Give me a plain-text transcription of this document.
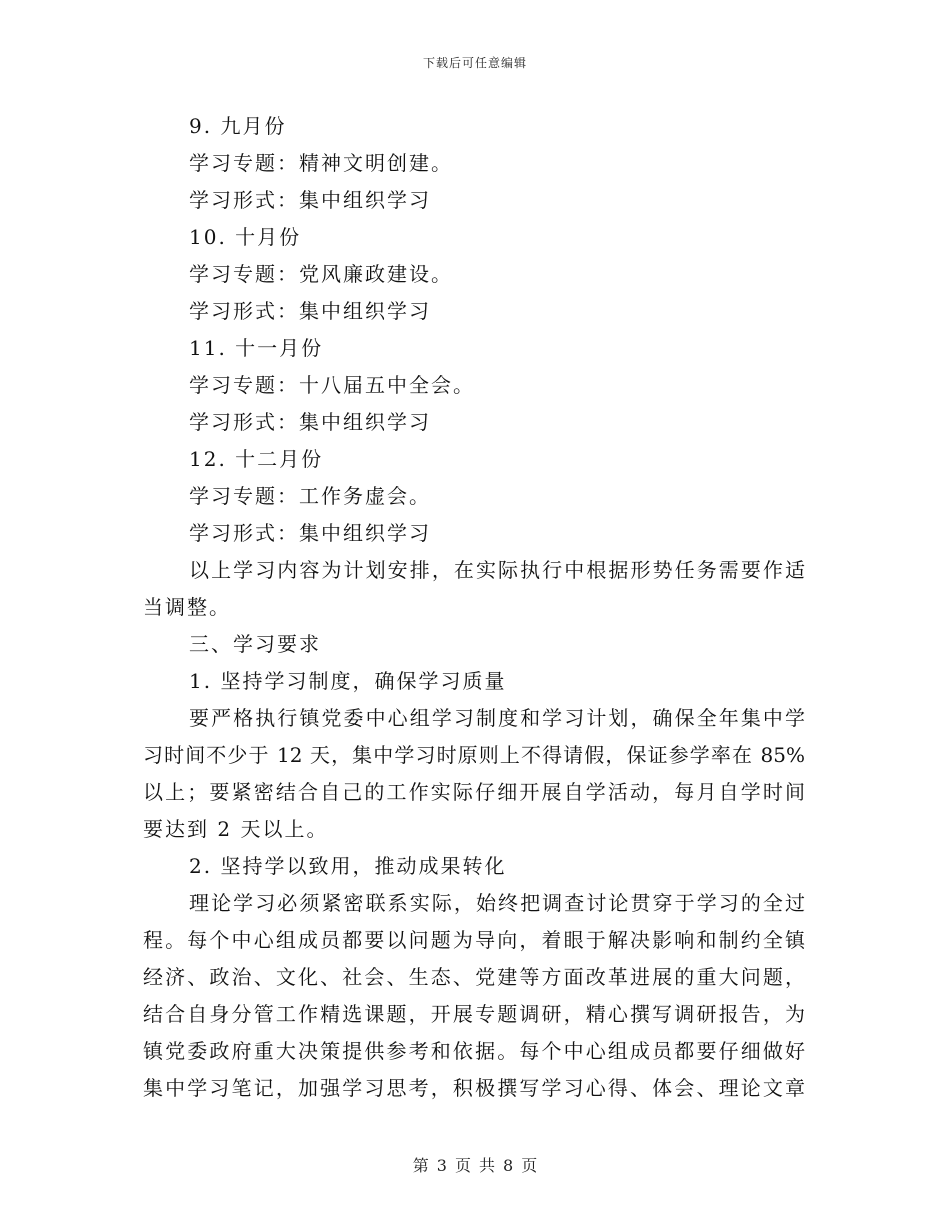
下载后可任意编辑
9. 九月份
学习专题：精神文明创建。
学习形式：集中组织学习
10. 十月份
学习专题：党风廉政建设。
学习形式：集中组织学习
11. 十一月份
学习专题：十八届五中全会。
学习形式：集中组织学习
12. 十二月份
学习专题：工作务虚会。
学习形式：集中组织学习
以上学习内容为计划安排，在实际执行中根据形势任务需要作适
当调整。
三、学习要求
1. 坚持学习制度，确保学习质量
要严格执行镇党委中心组学习制度和学习计划，确保全年集中学
习时间不少于 12 天，集中学习时原则上不得请假，保证参学率在 85%
以上；要紧密结合自己的工作实际仔细开展自学活动，每月自学时间
要达到 2 天以上。
2. 坚持学以致用，推动成果转化
理论学习必须紧密联系实际，始终把调查讨论贯穿于学习的全过
程。每个中心组成员都要以问题为导向，着眼于解决影响和制约全镇
经济、政治、文化、社会、生态、党建等方面改革进展的重大问题，
结合自身分管工作精选课题，开展专题调研，精心撰写调研报告，为
镇党委政府重大决策提供参考和依据。每个中心组成员都要仔细做好
集中学习笔记，加强学习思考，积极撰写学习心得、体会、理论文章
第 3 页 共 8 页
